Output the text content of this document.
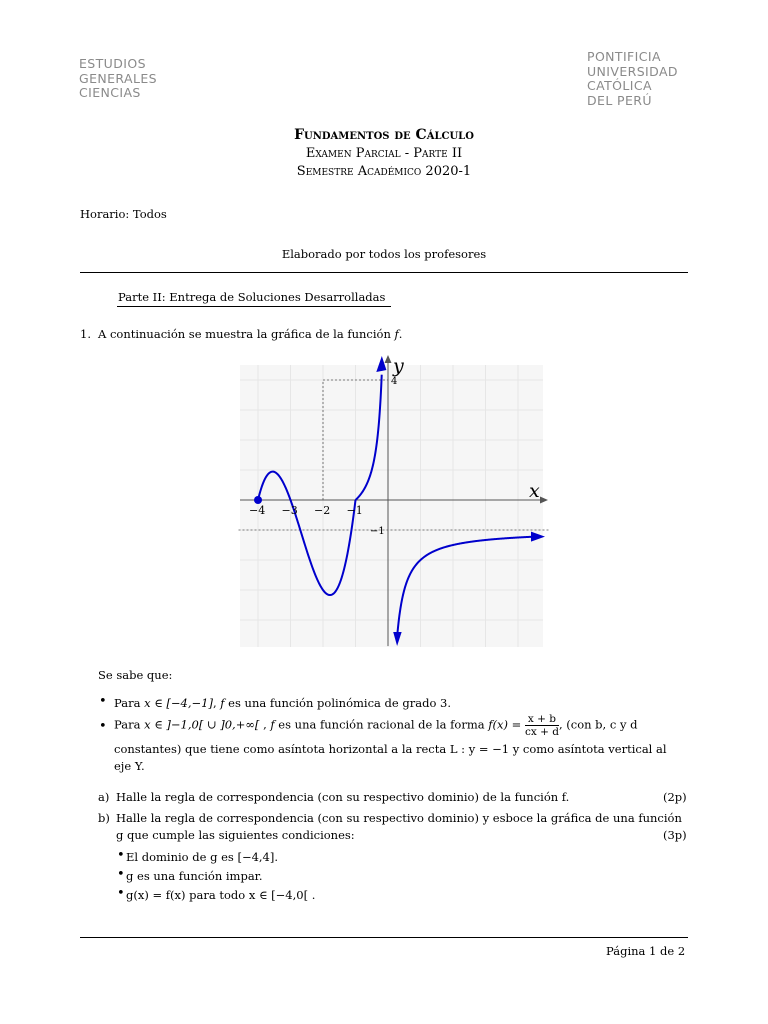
ESTUDIOS
GENERALES
CIENCIAS
PONTIFICIA
UNIVERSIDAD
CATÓLICA
DEL PERÚ
Fundamentos de Cálculo
Examen Parcial - Parte II
Semestre Académico 2020-1
Horario: Todos
Elaborado por todos los profesores
Parte II: Entrega de Soluciones Desarrolladas
1. A continuación se muestra la gráfica de la función f.
−4 −3 −2 −1
4
−1
x
y
Se sabe que:
• Para x ∈ [−4,−1], f es una función polinómica de grado 3.
• Para x ∈ ]−1,0[ ∪ ]0,+∞[ , f es una función racional de la forma $f(x) = \frac{x + b}{cx + d}$ , (con b, c y d
constantes) que tiene como asíntota horizontal a la recta L : y = −1 y como asíntota vertical al
eje Y.
a) Halle la regla de correspondencia (con su respectivo dominio) de la función f.	(2p)
b) Halle la regla de correspondencia (con su respectivo dominio) y esboce la gráfica de una función
g que cumple las siguientes condiciones:	(3p)
• El dominio de g es [−4,4].
• g es una función impar.
• g(x) = f(x) para todo x ∈ [−4,0[ .
Página 1 de 2
